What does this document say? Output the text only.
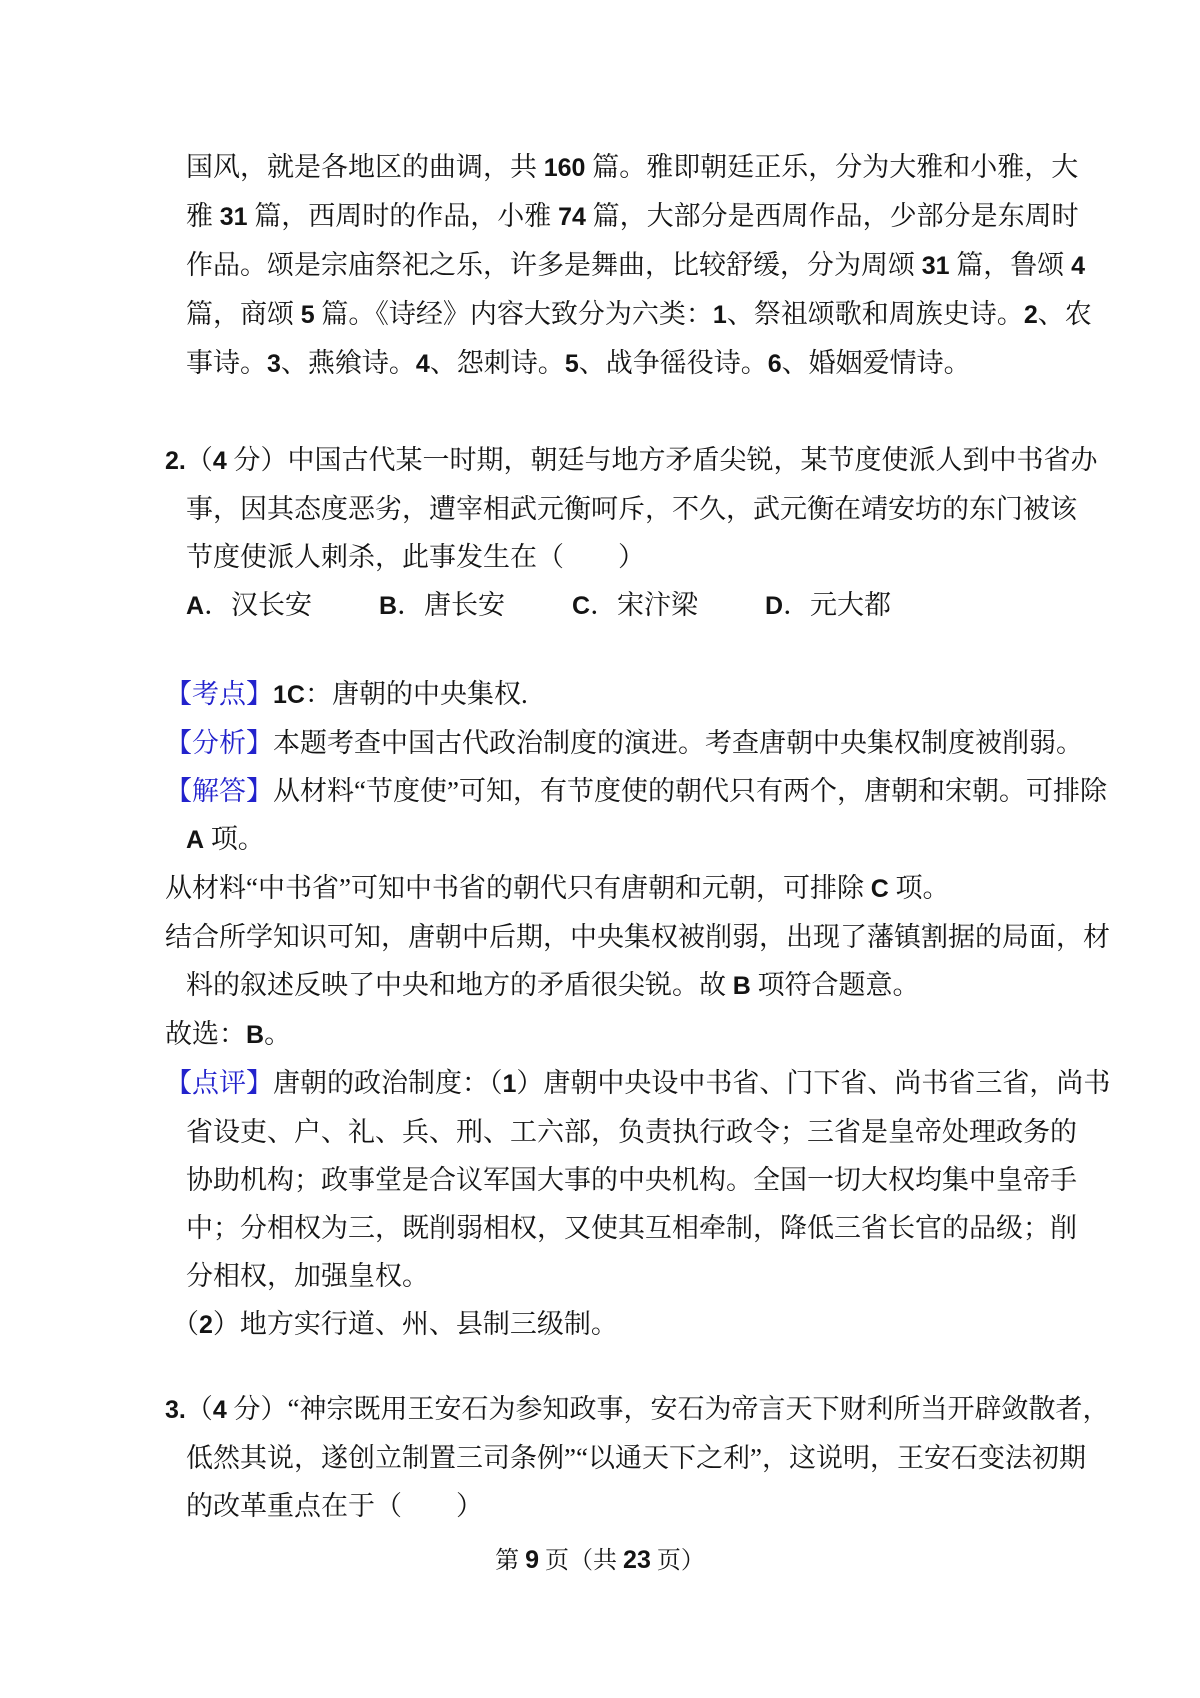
国风，就是各地区的曲调，共 160 篇。雅即朝廷正乐，分为大雅和小雅，大
雅 31 篇，西周时的作品，小雅 74 篇，大部分是西周作品，少部分是东周时
作品。颂是宗庙祭祀之乐，许多是舞曲，比较舒缓，分为周颂 31 篇，鲁颂 4
篇，商颂 5 篇。《诗经》内容大致分为六类：1、祭祖颂歌和周族史诗。2、农
事诗。3、燕飨诗。4、怨刺诗。5、战争徭役诗。6、婚姻爱情诗。
2.（4 分）中国古代某一时期，朝廷与地方矛盾尖锐，某节度使派人到中书省办
事，因其态度恶劣，遭宰相武元衡呵斥，不久，武元衡在靖安坊的东门被该
节度使派人刺杀，此事发生在（　　）
A．汉长安	B．唐长安	C．宋汴梁	D．元大都
【考点】1C：唐朝的中央集权.
【分析】本题考查中国古代政治制度的演进。考查唐朝中央集权制度被削弱。
【解答】从材料“节度使”可知，有节度使的朝代只有两个，唐朝和宋朝。可排除
A 项。
从材料“中书省”可知中书省的朝代只有唐朝和元朝，可排除 C 项。
结合所学知识可知，唐朝中后期，中央集权被削弱，出现了藩镇割据的局面，材
料的叙述反映了中央和地方的矛盾很尖锐。故 B 项符合题意。
故选：B。
【点评】唐朝的政治制度：（1）唐朝中央设中书省、门下省、尚书省三省，尚书
省设吏、户、礼、兵、刑、工六部，负责执行政令；三省是皇帝处理政务的
协助机构；政事堂是合议军国大事的中央机构。全国一切大权均集中皇帝手
中；分相权为三，既削弱相权，又使其互相牵制，降低三省长官的品级；削
分相权，加强皇权。
（2）地方实行道、州、县制三级制。
3.（4 分）“神宗既用王安石为参知政事，安石为帝言天下财利所当开辟敛散者，
低然其说，遂创立制置三司条例”“以通天下之利”，这说明，王安石变法初期
的改革重点在于（　　）
第 9 页（共 23 页）
